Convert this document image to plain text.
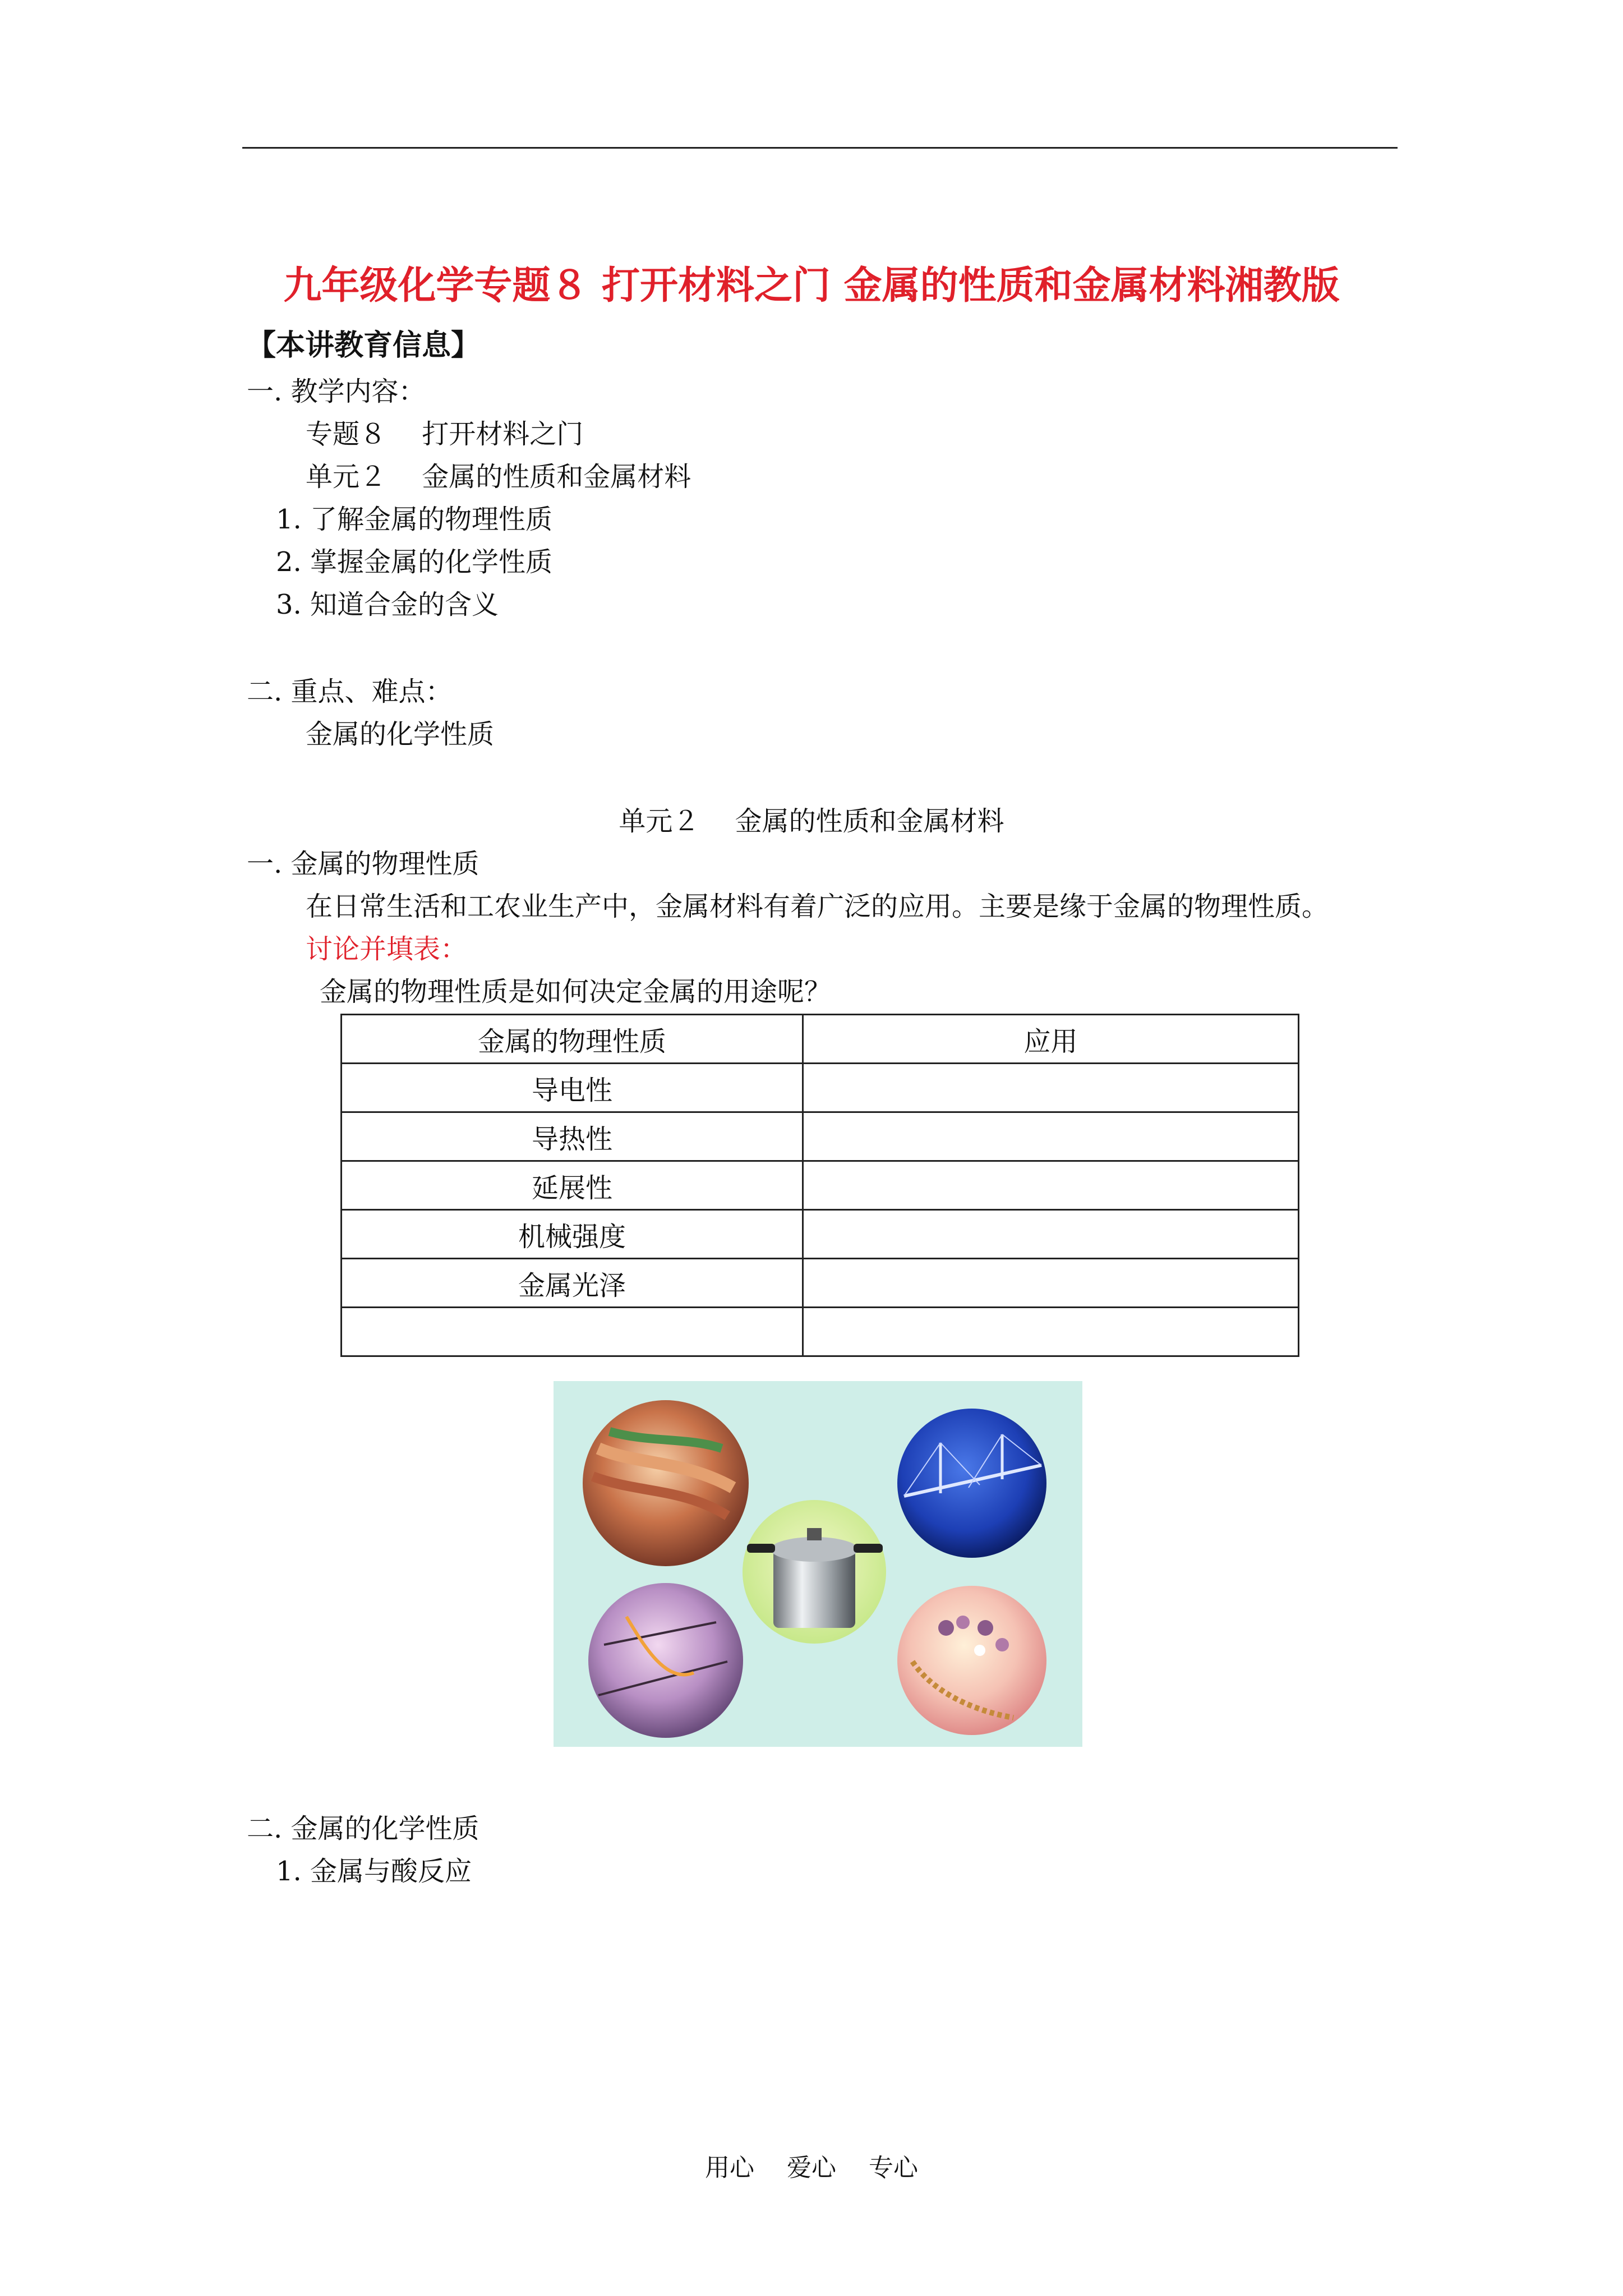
九年级化学专题８ 打开材料之门 金属的性质和金属材料湘教版
【本讲教育信息】
一. 教学内容：
专题８　 打开材料之门
单元２　 金属的性质和金属材料
1. 了解金属的物理性质
2. 掌握金属的化学性质
3. 知道合金的含义
二. 重点、难点：
金属的化学性质
单元２　 金属的性质和金属材料
一. 金属的物理性质
在日常生活和工农业生产中，金属材料有着广泛的应用。主要是缘于金属的物理性质。
讨论并填表：
金属的物理性质是如何决定金属的用途呢？
金属的物理性质	应用
导电性	
导热性	
延展性	
机械强度	
金属光泽	

二. 金属的化学性质
1. 金属与酸反应
用心　 爱心　 专心
